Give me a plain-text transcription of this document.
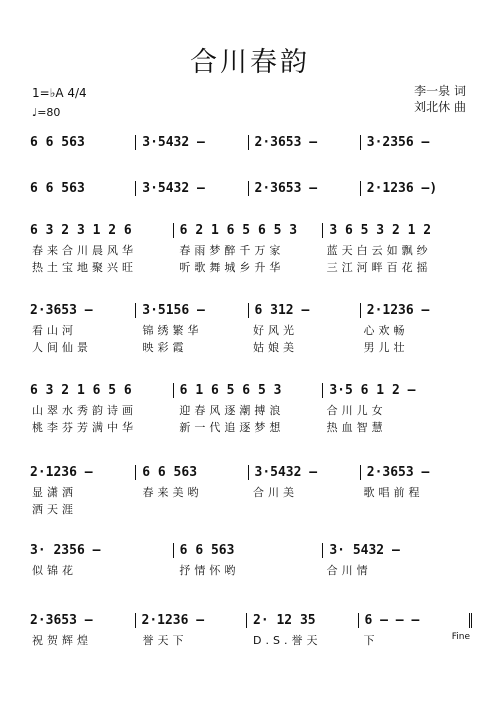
合川春韵
李一泉 词
刘北休 曲
1=♭A 4/4
♩=80
6 6 563	3·5432 –	2·3653 –	3·2356 –
6 6 563	3·5432 –	2·3653 –	2·1236 –)
6 3 2 3 1 2 6	6 2 1 6 5 6 5 3	3 6 5 3 2 1 2
春来合川晨风华	春雨梦醉千万家	蓝天白云如飘纱
热土宝地聚兴旺	听歌舞城乡升华	三江河畔百花摇
2·3653 –	3·5156 –	6 312 –	2·1236 –
看山河	锦绣繁华	好风光	心欢畅
人间仙景	映彩霞	姑娘美	男儿壮
6 3 2 1 6 5 6	6 1 6 5 6 5 3	3·5 6 1 2 –
山翠水秀韵诗画	迎春风逐潮搏浪	合川儿女
桃李芬芳满中华	新一代追逐梦想	热血智慧
2·1236 –	6 6 563	3·5432 –	2·3653 –
显潇洒	春来美哟	合川美	歌唱前程
洒天涯
3· 2356 –	6 6 563	3· 5432 –
似锦花	抒情怀哟	合川情
2·3653 –	2·1236 –	2· 12 35	6 – – –
祝贺辉煌	誉天下	D.S.誉天	下	Fine
